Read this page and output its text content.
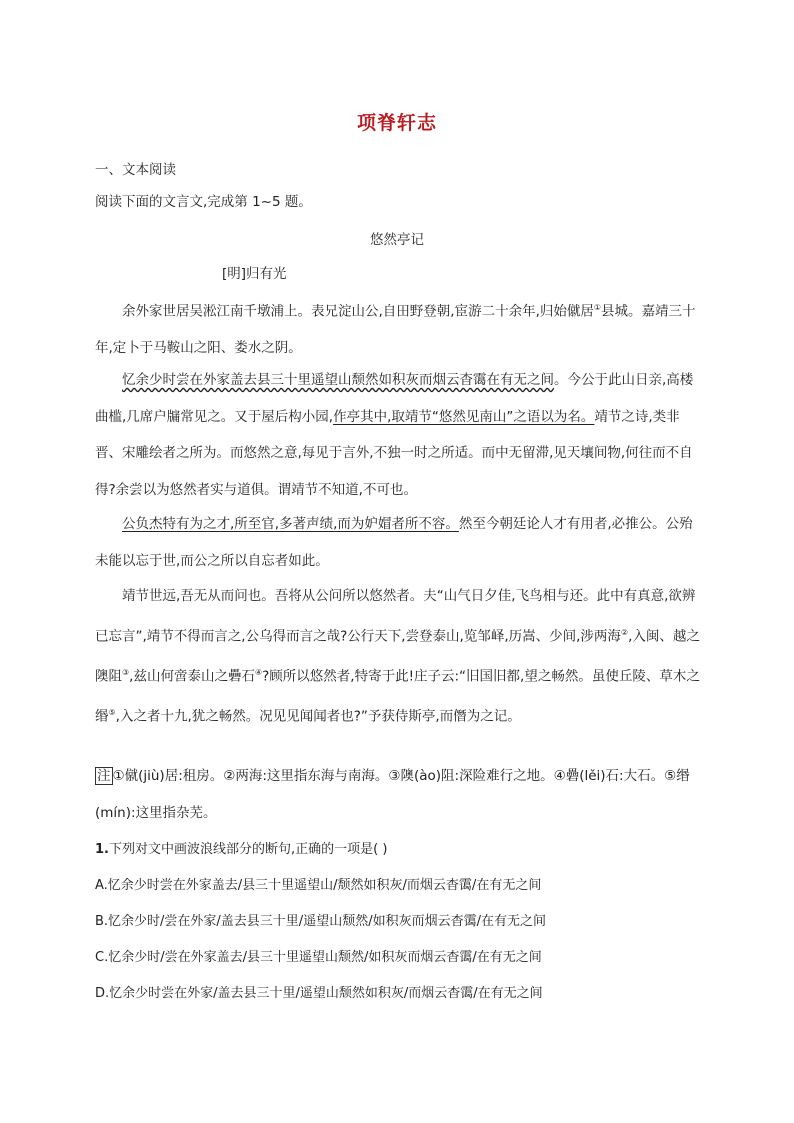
项脊轩志
一、文本阅读
阅读下面的文言文,完成第 1~5 题。
悠然亭记
[明]归有光
余外家世居吴淞江南千墩浦上。表兄淀山公,自田野登朝,宦游二十余年,归始僦居①县城。嘉靖三十年,定卜于马鞍山之阳、娄水之阴。
忆余少时尝在外家盖去县三十里遥望山颓然如积灰而烟云杳霭在有无之间。今公于此山日亲,高楼曲槛,几席户牖常见之。又于屋后构小园,作亭其中,取靖节“悠然见南山”之语以为名。靖节之诗,类非晋、宋雕绘者之所为。而悠然之意,每见于言外,不独一时之所适。而中无留滞,见天壤间物,何往而不自得?余尝以为悠然者实与道俱。谓靖节不知道,不可也。
公负杰特有为之才,所至官,多著声绩,而为妒媢者所不容。然至今朝廷论人才有用者,必推公。公殆未能以忘于世,而公之所以自忘者如此。
靖节世远,吾无从而问也。吾将从公问所以悠然者。夫“山气日夕佳,飞鸟相与还。此中有真意,欲辨已忘言”,靖节不得而言之,公乌得而言之哉?公行天下,尝登泰山,览邹峄,历嵩、少间,涉两海②,入闽、越之隩阻③,兹山何啻泰山之礨石④?顾所以悠然者,特寄于此!庄子云:“旧国旧都,望之畅然。虽使丘陵、草木之缗⑤,入之者十九,犹之畅然。况见见闻闻者也?”予获侍斯亭,而僭为之记。
注 ①僦(jiù)居:租房。②两海:这里指东海与南海。③隩(ào)阻:深险难行之地。④礨(lěi)石:大石。⑤缗(mín):这里指杂芜。
1.下列对文中画波浪线部分的断句,正确的一项是( )
A.忆余少时尝在外家盖去/县三十里遥望山/颓然如积灰/而烟云杳霭/在有无之间
B.忆余少时/尝在外家/盖去县三十里/遥望山颓然/如积灰而烟云杳霭/在有无之间
C.忆余少时/尝在外家盖去/县三十里遥望山颓然/如积灰而烟云杳霭/在有无之间
D.忆余少时尝在外家/盖去县三十里/遥望山颓然如积灰/而烟云杳霭/在有无之间
